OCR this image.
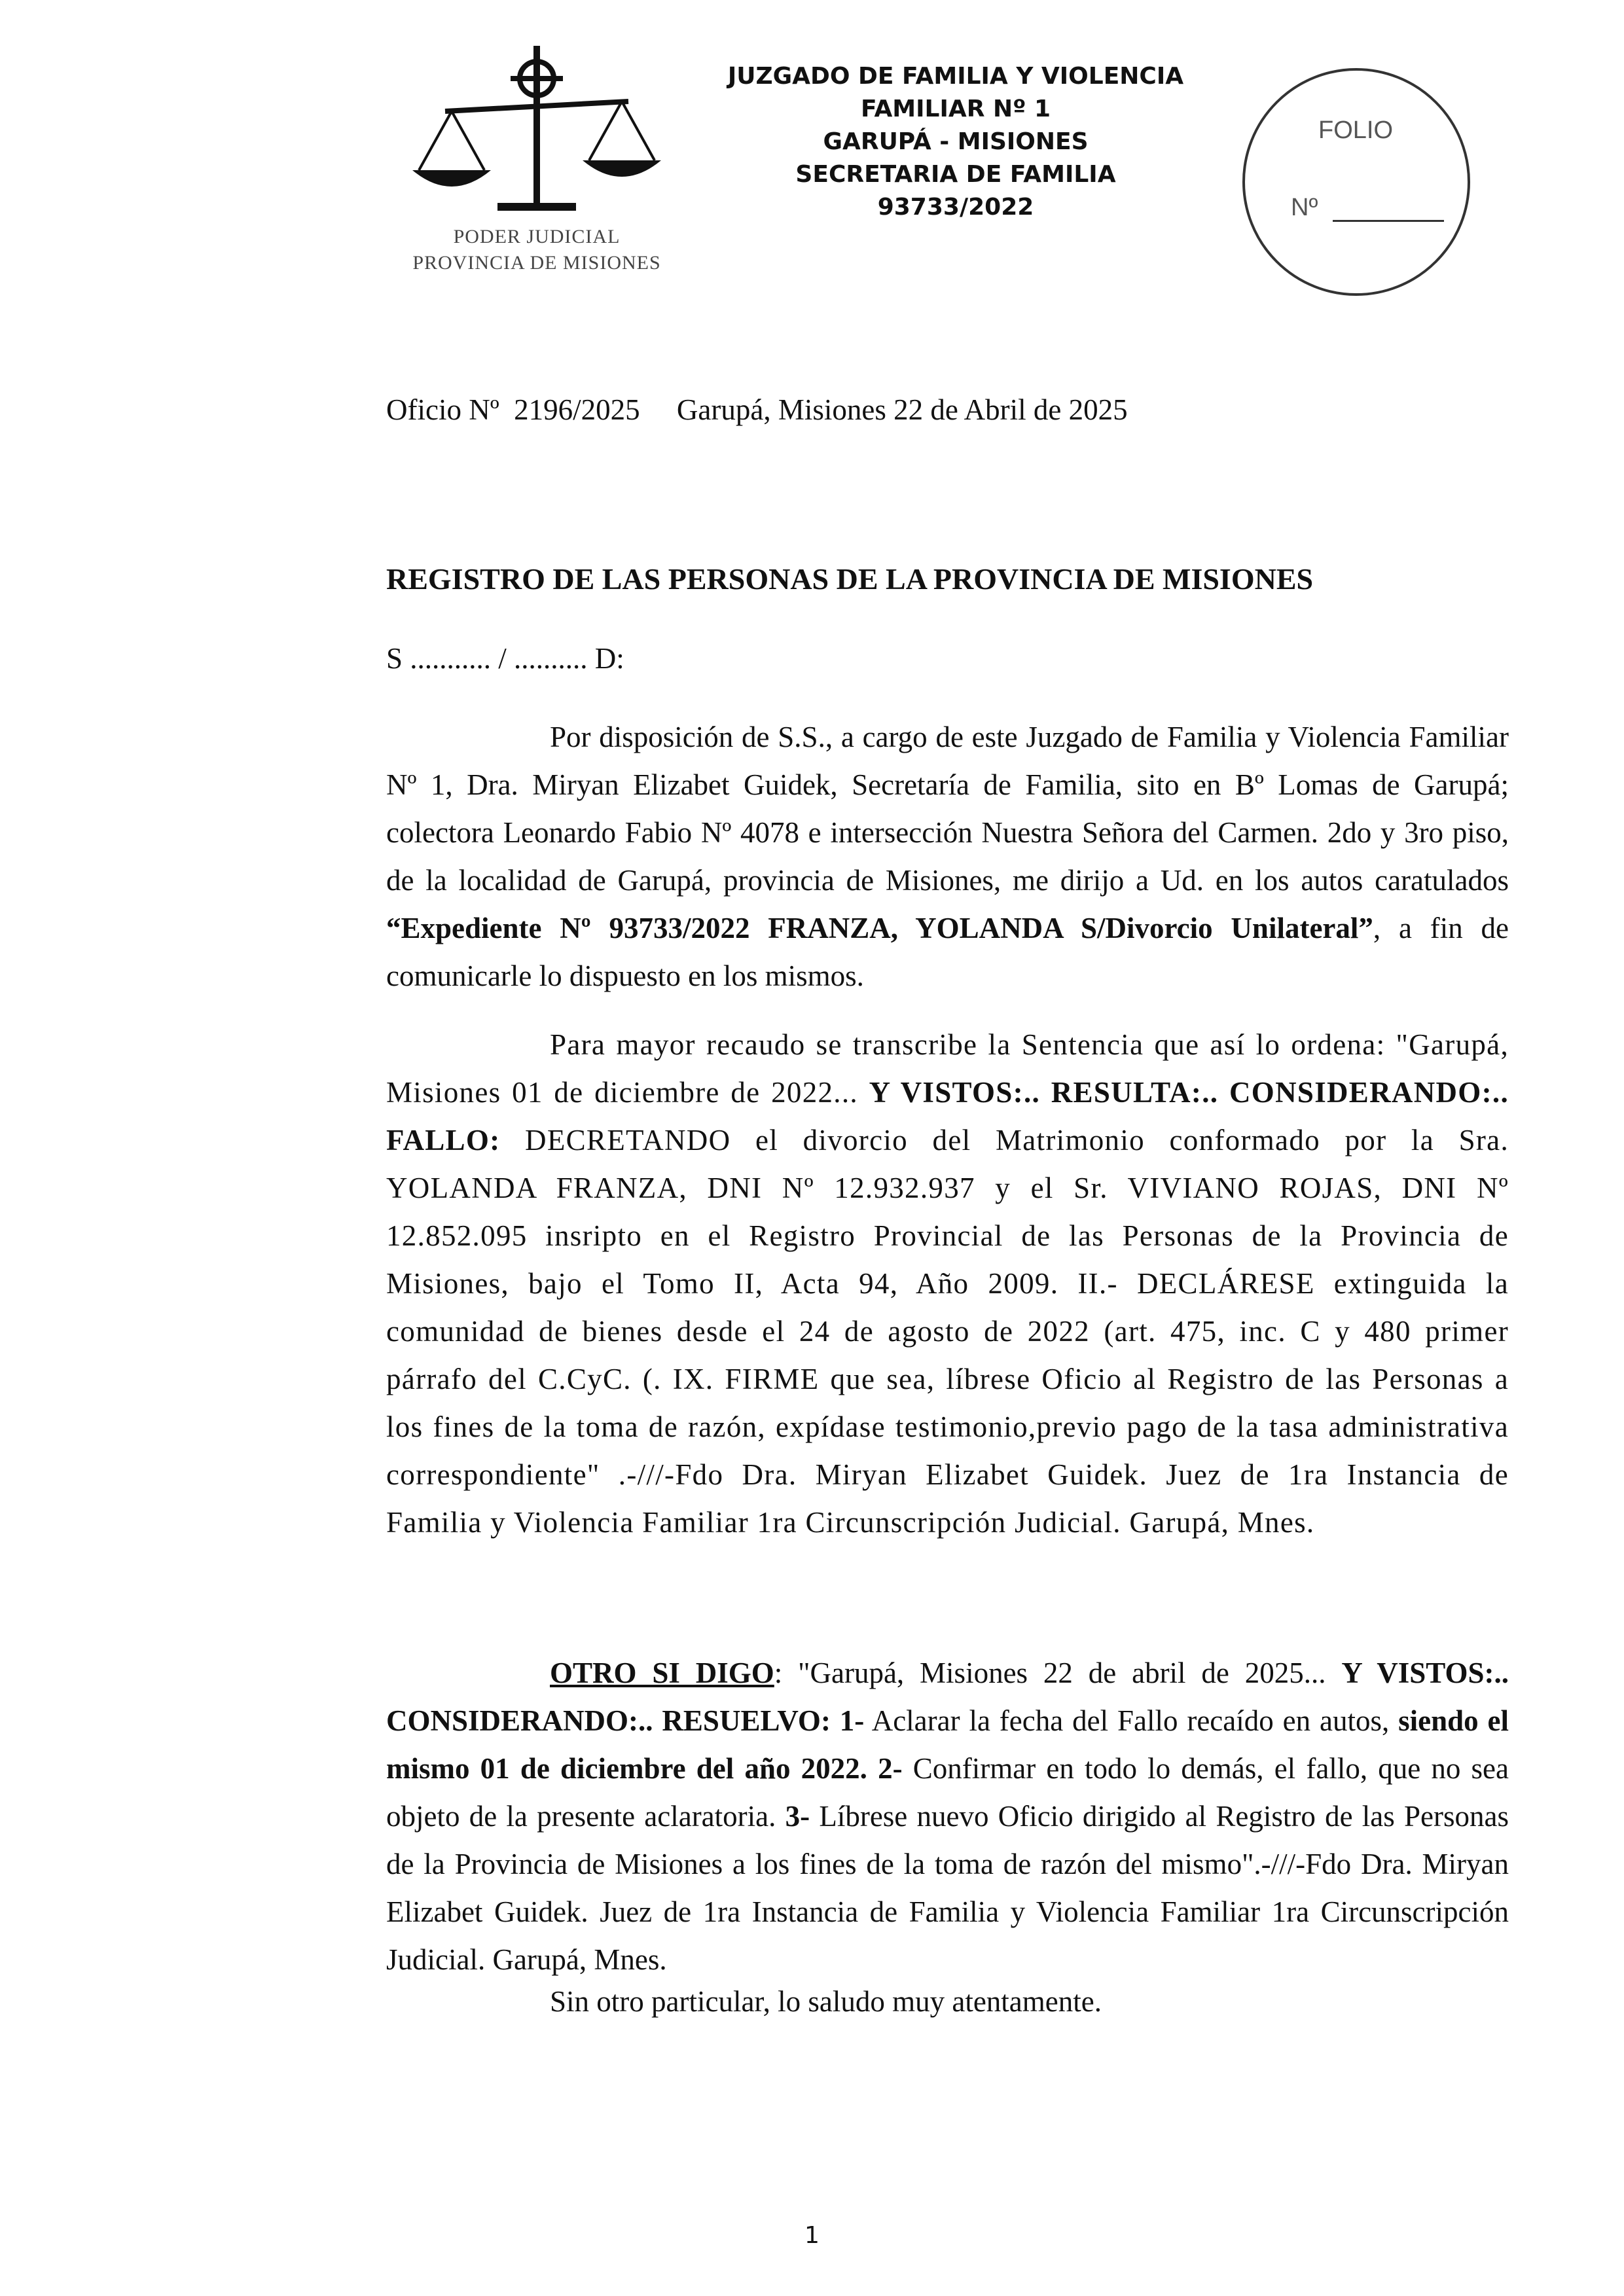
PODER JUDICIAL
PROVINCIA DE MISIONES
JUZGADO DE FAMILIA Y VIOLENCIA
FAMILIAR Nº 1
GARUPÁ - MISIONES
SECRETARIA DE FAMILIA
93733/2022
FOLIO
Nº
Oficio Nº  2196/2025 Garupá, Misiones 22 de Abril de 2025
REGISTRO DE LAS PERSONAS DE LA PROVINCIA DE MISIONES
S ........... / .......... D:
Por disposición de S.S., a cargo de este Juzgado de Familia y Violencia Familiar Nº 1, Dra. Miryan Elizabet Guidek, Secretaría de Familia, sito en Bº Lomas de Garupá; colectora Leonardo Fabio Nº 4078 e intersección Nuestra Señora del Carmen. 2do y 3ro piso, de la localidad de Garupá, provincia de Misiones, me dirijo a Ud. en los autos caratulados “Expediente Nº 93733/2022 FRANZA, YOLANDA S/Divorcio Unilateral”, a fin de comunicarle lo dispuesto en los mismos.
Para mayor recaudo se transcribe la Sentencia que así lo ordena: "Garupá, Misiones 01 de diciembre de 2022... Y VISTOS:.. RESULTA:.. CONSIDERANDO:.. FALLO: DECRETANDO el divorcio del Matrimonio conformado por la Sra. YOLANDA FRANZA, DNI Nº 12.932.937 y el Sr. VIVIANO ROJAS, DNI Nº 12.852.095 insripto en el Registro Provincial de las Personas de la Provincia de Misiones, bajo el Tomo II, Acta 94, Año 2009. II.- DECLÁRESE extinguida la comunidad de bienes desde el 24 de agosto de 2022 (art. 475, inc. C y 480 primer párrafo del C.CyC. (. IX. FIRME que sea, líbrese Oficio al Registro de las Personas a los fines de la toma de razón, expídase testimonio,previo pago de la tasa administrativa correspondiente" .-///-Fdo Dra. Miryan Elizabet Guidek. Juez de 1ra Instancia de Familia y Violencia Familiar 1ra Circunscripción Judicial. Garupá, Mnes.
OTRO SI DIGO: "Garupá, Misiones 22 de abril de 2025... Y VISTOS:.. CONSIDERANDO:.. RESUELVO: 1- Aclarar la fecha del Fallo recaído en autos, siendo el mismo 01 de diciembre del año 2022. 2- Confirmar en todo lo demás, el fallo, que no sea objeto de la presente aclaratoria. 3- Líbrese nuevo Oficio dirigido al Registro de las Personas de la Provincia de Misiones a los fines de la toma de razón del mismo".-///-Fdo Dra. Miryan Elizabet Guidek. Juez de 1ra Instancia de Familia y Violencia Familiar 1ra Circunscripción Judicial. Garupá, Mnes.
Sin otro particular, lo saludo muy atentamente.
1
